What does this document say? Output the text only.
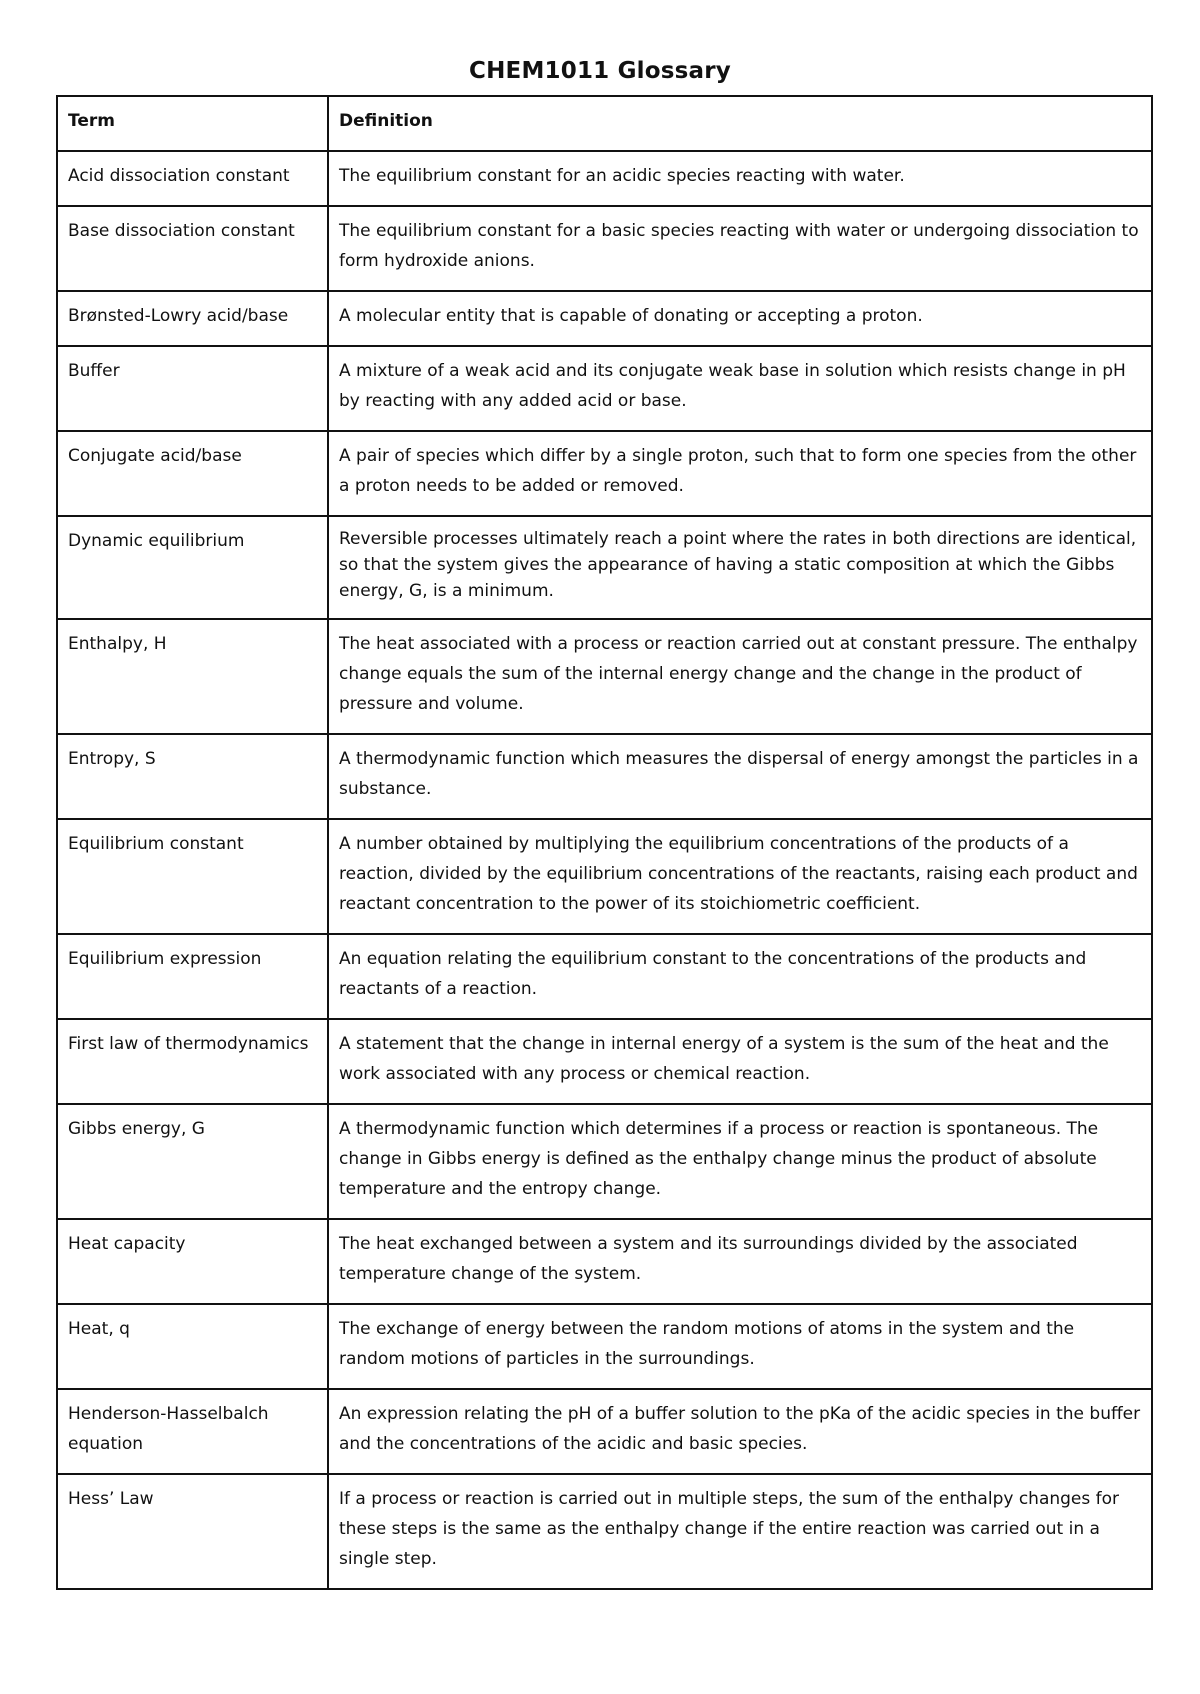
CHEM1011 Glossary
Term	Definition
Acid dissociation constant	The equilibrium constant for an acidic species reacting with water.
Base dissociation constant	The equilibrium constant for a basic species reacting with water or undergoing dissociation to form hydroxide anions.
Brønsted-Lowry acid/base	A molecular entity that is capable of donating or accepting a proton.
Buffer	A mixture of a weak acid and its conjugate weak base in solution which resists change in pH by reacting with any added acid or base.
Conjugate acid/base	A pair of species which differ by a single proton, such that to form one species from the other a proton needs to be added or removed.
Dynamic equilibrium	Reversible processes ultimately reach a point where the rates in both directions are identical, so that the system gives the appearance of having a static composition at which the Gibbs energy, G, is a minimum.
Enthalpy, H	The heat associated with a process or reaction carried out at constant pressure. The enthalpy change equals the sum of the internal energy change and the change in the product of pressure and volume.
Entropy, S	A thermodynamic function which measures the dispersal of energy amongst the particles in a substance.
Equilibrium constant	A number obtained by multiplying the equilibrium concentrations of the products of a reaction, divided by the equilibrium concentrations of the reactants, raising each product and reactant concentration to the power of its stoichiometric coefficient.
Equilibrium expression	An equation relating the equilibrium constant to the concentrations of the products and reactants of a reaction.
First law of thermodynamics	A statement that the change in internal energy of a system is the sum of the heat and the work associated with any process or chemical reaction.
Gibbs energy, G	A thermodynamic function which determines if a process or reaction is spontaneous. The change in Gibbs energy is defined as the enthalpy change minus the product of absolute temperature and the entropy change.
Heat capacity	The heat exchanged between a system and its surroundings divided by the associated temperature change of the system.
Heat, q	The exchange of energy between the random motions of atoms in the system and the random motions of particles in the surroundings.
Henderson-Hasselbalch equation	An expression relating the pH of a buffer solution to the pKa of the acidic species in the buffer and the concentrations of the acidic and basic species.
Hess’ Law	If a process or reaction is carried out in multiple steps, the sum of the enthalpy changes for these steps is the same as the enthalpy change if the entire reaction was carried out in a single step.
